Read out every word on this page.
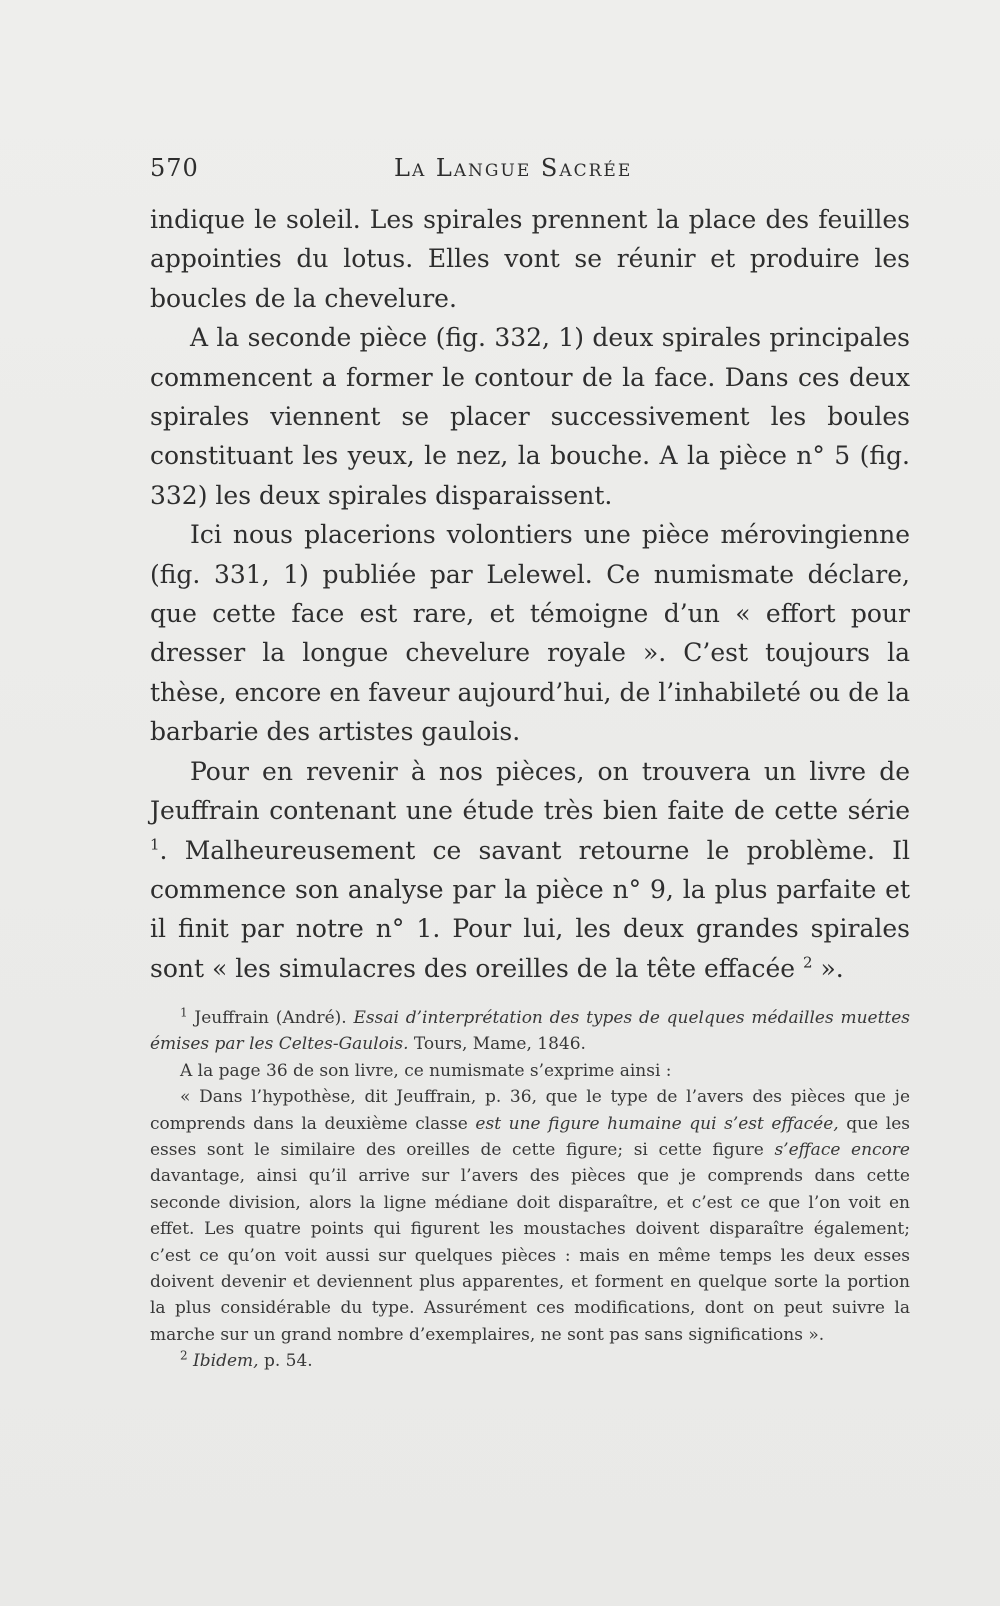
570	La Langue Sacrée

indique le soleil. Les spirales prennent la place des feuilles appointies du lotus. Elles vont se réunir et produire les boucles de la chevelure.

A la seconde pièce (fig. 332, 1) deux spirales principales commencent a former le contour de la face. Dans ces deux spirales viennent se placer successivement les boules constituant les yeux, le nez, la bouche. A la pièce n° 5 (fig. 332) les deux spirales disparaissent.

Ici nous placerions volontiers une pièce mérovingienne (fig. 331, 1) publiée par Lelewel. Ce numismate déclare, que cette face est rare, et témoigne d’un « effort pour dresser la longue chevelure royale ». C’est toujours la thèse, encore en faveur aujourd’hui, de l’inhabileté ou de la barbarie des artistes gaulois.

Pour en revenir à nos pièces, on trouvera un livre de Jeuffrain contenant une étude très bien faite de cette série $^1$. Malheureusement ce savant retourne le problème. Il commence son analyse par la pièce n° 9, la plus parfaite et il finit par notre n° 1. Pour lui, les deux grandes spirales sont « les simulacres des oreilles de la tête effacée $^2$ ».

$^1$ Jeuffrain (André). Essai d’interprétation des types de quelques médailles muettes émises par les Celtes-Gaulois. Tours, Mame, 1846.

A la page 36 de son livre, ce numismate s’exprime ainsi :

« Dans l’hypothèse, dit Jeuffrain, p. 36, que le type de l’avers des pièces que je comprends dans la deuxième classe est une figure humaine qui s’est effacée, que les esses sont le similaire des oreilles de cette figure; si cette figure s’efface encore davantage, ainsi qu’il arrive sur l’avers des pièces que je comprends dans cette seconde division, alors la ligne médiane doit disparaître, et c’est ce que l’on voit en effet. Les quatre points qui figurent les moustaches doivent disparaître également; c’est ce qu’on voit aussi sur quelques pièces : mais en même temps les deux esses doivent devenir et deviennent plus apparentes, et forment en quelque sorte la portion la plus considérable du type. Assurément ces modifications, dont on peut suivre la marche sur un grand nombre d’exemplaires, ne sont pas sans significations ».

$^2$ Ibidem, p. 54.
